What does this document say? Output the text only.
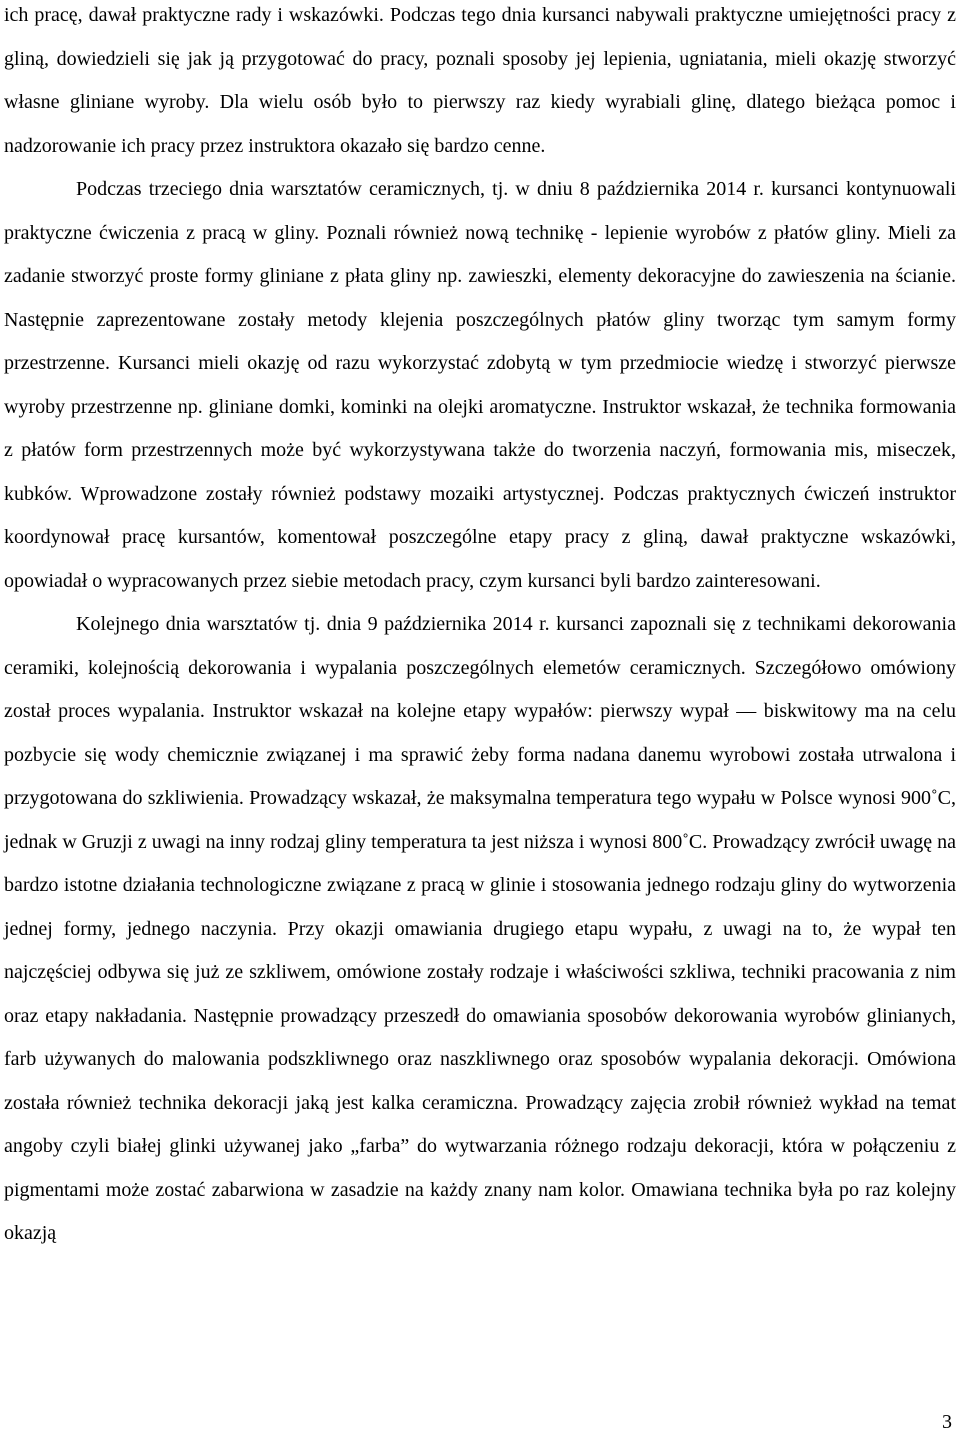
ich pracę, dawał praktyczne rady i wskazówki. Podczas tego dnia kursanci nabywali praktyczne umiejętności pracy z gliną, dowiedzieli się jak ją przygotować do pracy, poznali sposoby jej lepienia, ugniatania, mieli okazję stworzyć własne gliniane wyroby. Dla wielu osób było to pierwszy raz kiedy wyrabiali glinę, dlatego bieżąca pomoc i nadzorowanie ich pracy przez instruktora okazało się bardzo cenne.

Podczas trzeciego dnia warsztatów ceramicznych, tj. w dniu 8 października 2014 r. kursanci kontynuowali praktyczne ćwiczenia z pracą w gliny. Poznali również nową technikę - lepienie wyrobów z płatów gliny. Mieli za zadanie stworzyć proste formy gliniane z płata gliny np. zawieszki, elementy dekoracyjne do zawieszenia na ścianie. Następnie zaprezentowane zostały metody klejenia poszczególnych płatów gliny tworząc tym samym formy przestrzenne. Kursanci mieli okazję od razu wykorzystać zdobytą w tym przedmiocie wiedzę i stworzyć pierwsze wyroby przestrzenne np. gliniane domki, kominki na olejki aromatyczne. Instruktor wskazał, że technika formowania z płatów form przestrzennych może być wykorzystywana także do tworzenia naczyń, formowania mis, miseczek, kubków. Wprowadzone zostały również podstawy mozaiki artystycznej. Podczas praktycznych ćwiczeń instruktor koordynował pracę kursantów, komentował poszczególne etapy pracy z gliną, dawał praktyczne wskazówki, opowiadał o wypracowanych przez siebie metodach pracy, czym kursanci byli bardzo zainteresowani.

Kolejnego dnia warsztatów tj. dnia 9 października 2014 r. kursanci zapoznali się z technikami dekorowania ceramiki, kolejnością dekorowania i wypalania poszczególnych elemetów ceramicznych. Szczegółowo omówiony został proces wypalania. Instruktor wskazał na kolejne etapy wypałów: pierwszy wypał — biskwitowy ma na celu pozbycie się wody chemicznie związanej i ma sprawić żeby forma nadana danemu wyrobowi została utrwalona i przygotowana do szkliwienia. Prowadzący wskazał, że maksymalna temperatura tego wypału w Polsce wynosi 900˚C, jednak w Gruzji z uwagi na inny rodzaj gliny temperatura ta jest niższa i wynosi 800˚C. Prowadzący zwrócił uwagę na bardzo istotne działania technologiczne związane z pracą w glinie i stosowania jednego rodzaju gliny do wytworzenia jednej formy, jednego naczynia. Przy okazji omawiania drugiego etapu wypału, z uwagi na to, że wypał ten najczęściej odbywa się już ze szkliwem, omówione zostały rodzaje i właściwości szkliwa, techniki pracowania z nim oraz etapy nakładania. Następnie prowadzący przeszedł do omawiania sposobów dekorowania wyrobów glinianych, farb używanych do malowania podszkliwnego oraz naszkliwnego oraz sposobów wypalania dekoracji. Omówiona została również technika dekoracji jaką jest kalka ceramiczna. Prowadzący zajęcia zrobił również wykład na temat angoby czyli białej glinki używanej jako „farba” do wytwarzania różnego rodzaju dekoracji, która w połączeniu z pigmentami może zostać zabarwiona w zasadzie na każdy znany nam kolor. Omawiana technika była po raz kolejny okazją

3
